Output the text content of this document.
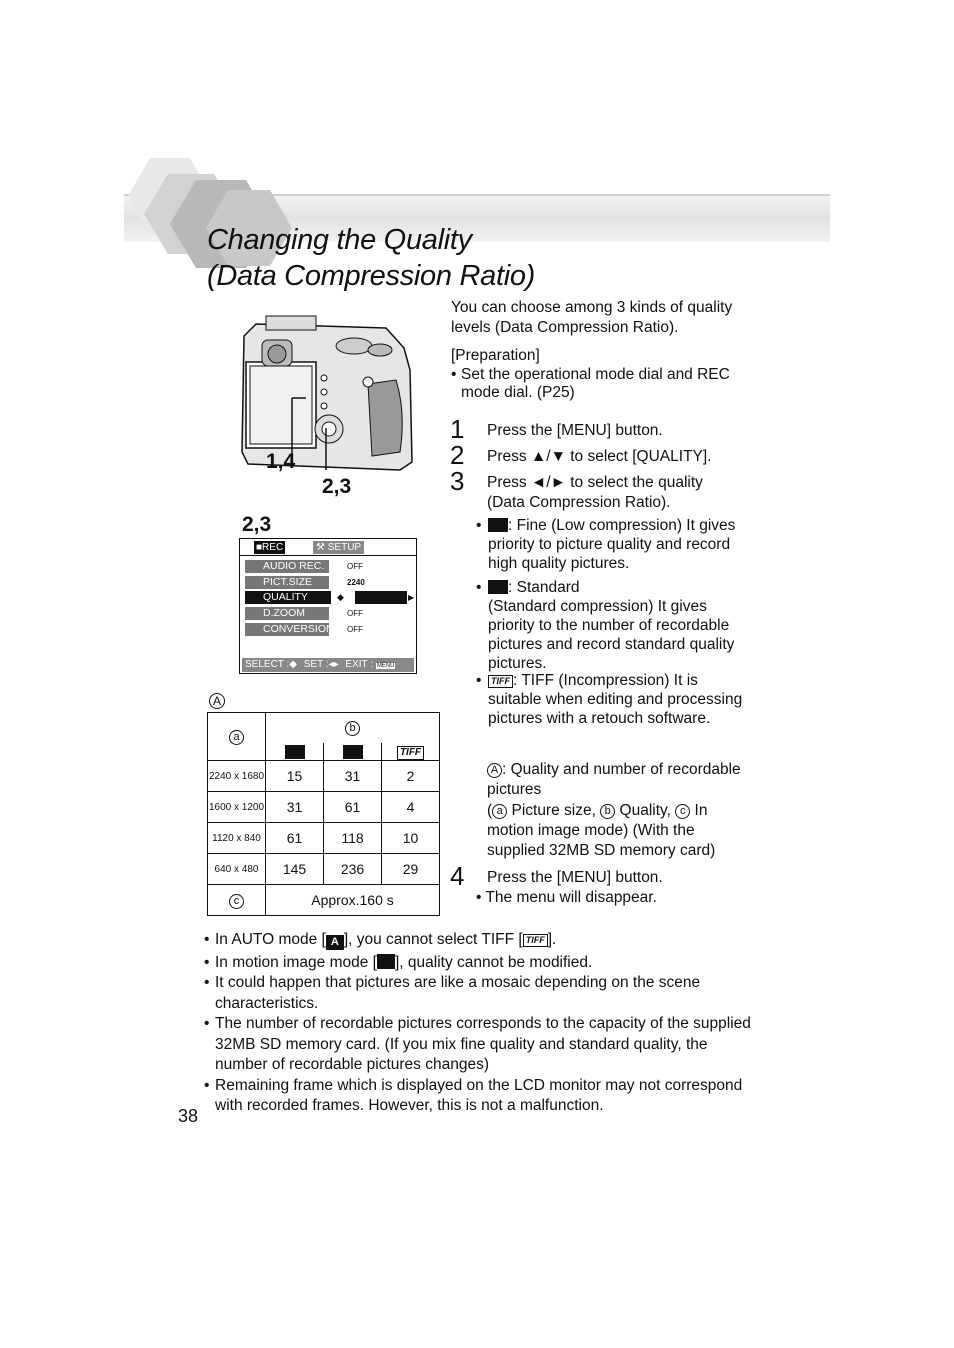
Changing the Quality
(Data Compression Ratio)
1,4
2,3
2,3
■REC	⚒ SETUP
AUDIO REC.	OFF
PICT.SIZE	2240
QUALITY	◆	▶
D.ZOOM	OFF
CONVERSION OFF
SELECT :◆ SET :◂▸ EXIT : MENU
A
a	b		
			TIFF
2240 x 1680	15	31	2
1600 x 1200	31	61	4
1120 x 840	61	118	10
640 x 480	145	236	29
c	Approx.160 s		
You can choose among 3 kinds of quality levels (Data Compression Ratio).
[Preparation]
• Set the operational mode dial and REC mode dial. (P25)
1 Press the [MENU] button.
2 Press ▲/▼ to select [QUALITY].
3 Press ◄/► to select the quality (Data Compression Ratio).
•	: Fine (Low compression) It gives priority to picture quality and record high quality pictures.
•	: Standard
(Standard compression) It gives priority to the number of recordable pictures and record standard quality pictures.
•	TIFF : TIFF (Incompression) It is suitable when editing and processing pictures with a retouch software.
A : Quality and number of recordable pictures
( a Picture size, b Quality, c In motion image mode) (With the supplied 32MB SD memory card)
4 Press the [MENU] button.
• The menu will disappear.
• In AUTO mode [ A ], you cannot select TIFF [ TIFF ].
• In motion image mode [ ], quality cannot be modified.
• It could happen that pictures are like a mosaic depending on the scene characteristics.
• The number of recordable pictures corresponds to the capacity of the supplied 32MB SD memory card. (If you mix fine quality and standard quality, the number of recordable pictures changes)
• Remaining frame which is displayed on the LCD monitor may not correspond with recorded frames. However, this is not a malfunction.
38
